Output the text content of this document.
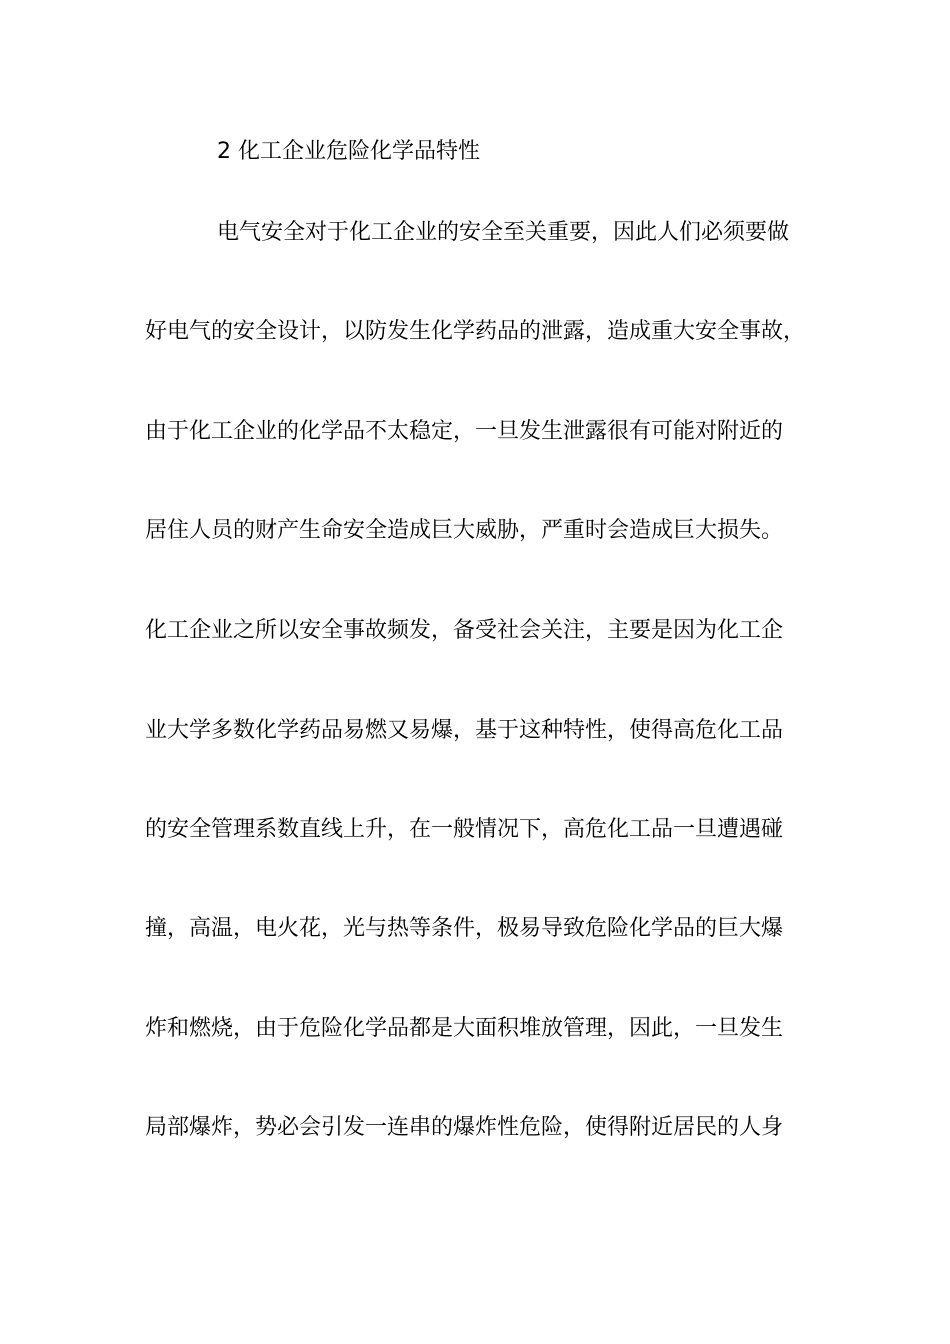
2 化工企业危险化学品特性
电气安全对于化工企业的安全至关重要，因此人们必须要做
好电气的安全设计，以防发生化学药品的泄露，造成重大安全事故，
由于化工企业的化学品不太稳定，一旦发生泄露很有可能对附近的
居住人员的财产生命安全造成巨大威胁，严重时会造成巨大损失。
化工企业之所以安全事故频发，备受社会关注，主要是因为化工企
业大学多数化学药品易燃又易爆，基于这种特性，使得高危化工品
的安全管理系数直线上升，在一般情况下，高危化工品一旦遭遇碰
撞，高温，电火花，光与热等条件，极易导致危险化学品的巨大爆
炸和燃烧，由于危险化学品都是大面积堆放管理，因此，一旦发生
局部爆炸，势必会引发一连串的爆炸性危险，使得附近居民的人身
